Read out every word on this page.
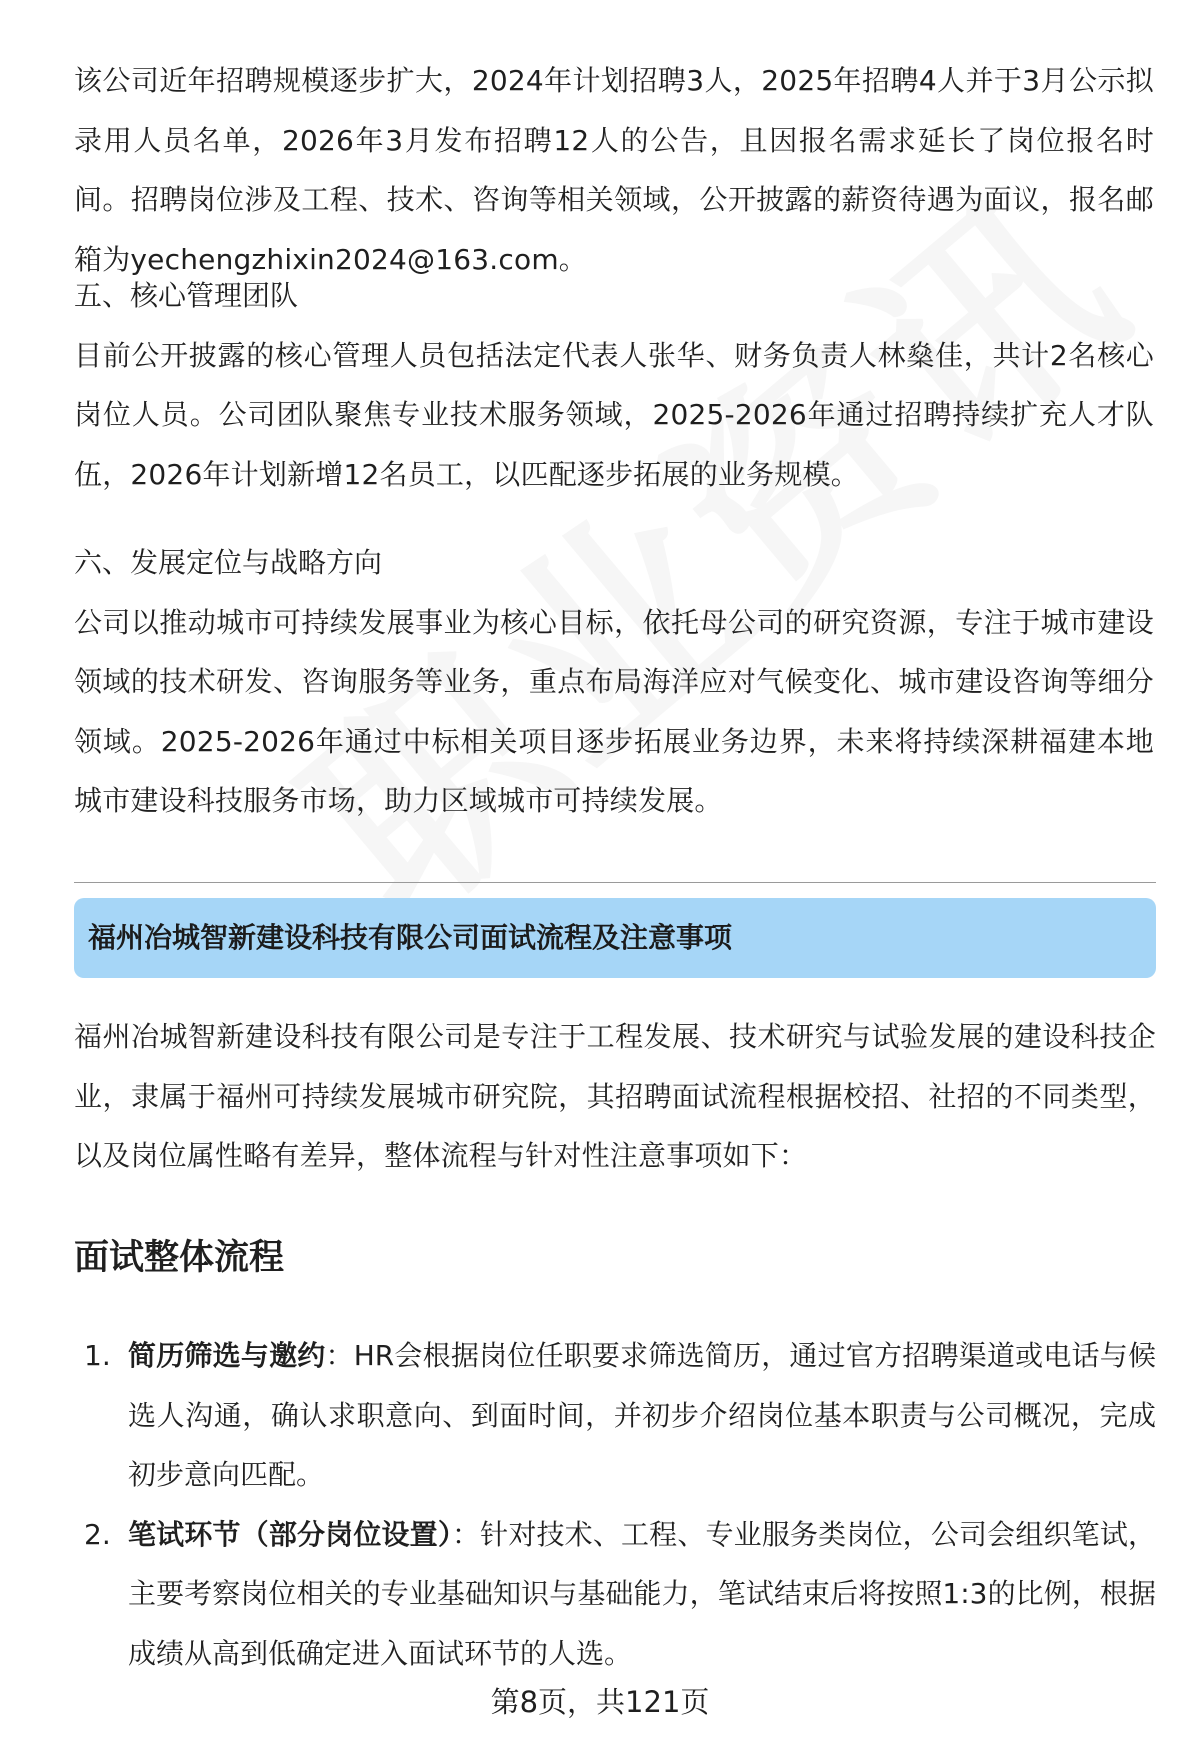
该公司近年招聘规模逐步扩大，2024年计划招聘3人，2025年招聘4人并于3月公示拟录用人员名单，2026年3月发布招聘12人的公告，且因报名需求延长了岗位报名时间。招聘岗位涉及工程、技术、咨询等相关领域，公开披露的薪资待遇为面议，报名邮箱为yechengzhixin2024@163.com。

五、核心管理团队

目前公开披露的核心管理人员包括法定代表人张华、财务负责人林燊佳，共计2名核心岗位人员。公司团队聚焦专业技术服务领域，2025-2026年通过招聘持续扩充人才队伍，2026年计划新增12名员工，以匹配逐步拓展的业务规模。

六、发展定位与战略方向

公司以推动城市可持续发展事业为核心目标，依托母公司的研究资源，专注于城市建设领域的技术研发、咨询服务等业务，重点布局海洋应对气候变化、城市建设咨询等细分领域。2025-2026年通过中标相关项目逐步拓展业务边界，未来将持续深耕福建本地城市建设科技服务市场，助力区域城市可持续发展。

福州冶城智新建设科技有限公司面试流程及注意事项

福州冶城智新建设科技有限公司是专注于工程发展、技术研究与试验发展的建设科技企业，隶属于福州可持续发展城市研究院，其招聘面试流程根据校招、社招的不同类型，以及岗位属性略有差异，整体流程与针对性注意事项如下：

面试整体流程
1. 简历筛选与邀约：HR会根据岗位任职要求筛选简历，通过官方招聘渠道或电话与候选人沟通，确认求职意向、到面时间，并初步介绍岗位基本职责与公司概况，完成初步意向匹配。

2. 笔试环节（部分岗位设置）：针对技术、工程、专业服务类岗位，公司会组织笔试，主要考察岗位相关的专业基础知识与基础能力，笔试结束后将按照1:3的比例，根据成绩从高到低确定进入面试环节的人选。

第8页，共121页
